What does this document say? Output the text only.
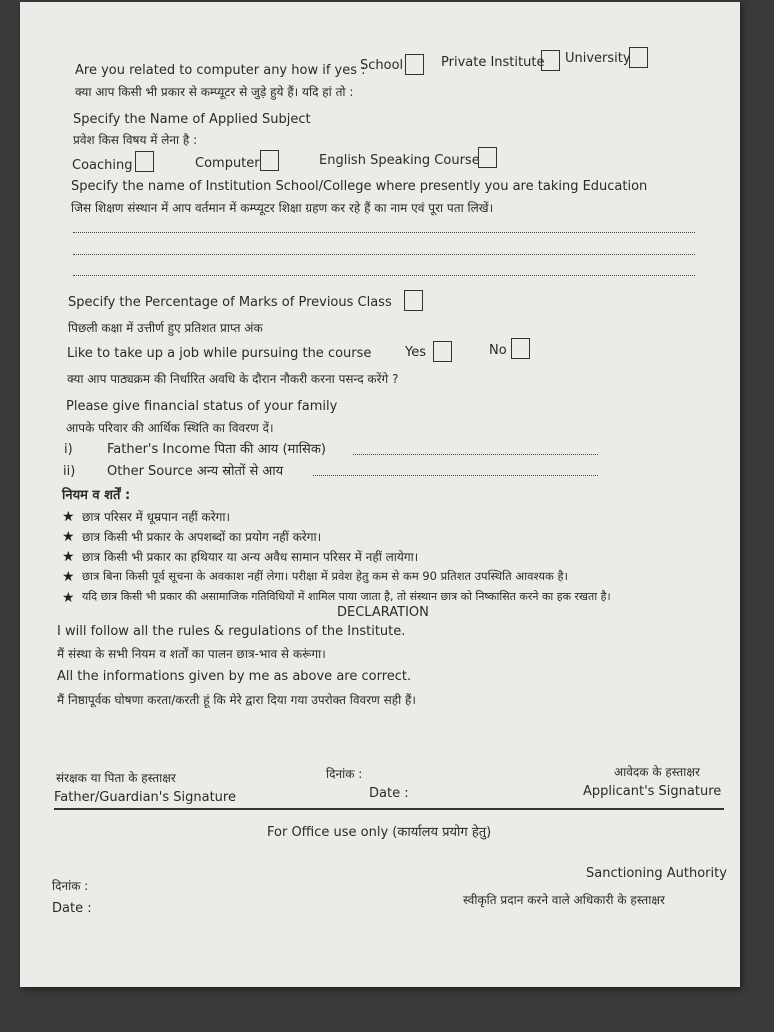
Are you related to computer any how if yes :
School	Private Institute University
क्या आप किसी भी प्रकार से कम्प्यूटर से जुड़े हुये हैं। यदि हां तो :
Specify the Name of Applied Subject
प्रवेश किस विषय में लेना है :
Coaching	Computer	English Speaking Course
Specify the name of Institution School/College where presently you are taking Education
जिस शिक्षण संस्थान में आप वर्तमान में कम्प्यूटर शिक्षा ग्रहण कर रहे हैं का नाम एवं पूरा पता लिखें।
Specify the Percentage of Marks of Previous Class
पिछली कक्षा में उत्तीर्ण हुए प्रतिशत प्राप्त अंक
Like to take up a job while pursuing the course	Yes	No
क्या आप पाठ्यक्रम की निर्धारित अवधि के दौरान नौकरी करना पसन्द करेंगे ?
Please give financial status of your family
आपके परिवार की आर्थिक स्थिति का विवरण दें।
i)	Father's Income पिता की आय (मासिक)
ii) Other Source अन्य स्रोतों से आय
नियम व शर्तें :
★ छात्र परिसर में धूम्रपान नहीं करेगा।
★ छात्र किसी भी प्रकार के अपशब्दों का प्रयोग नहीं करेगा।
★ छात्र किसी भी प्रकार का हथियार या अन्य अवैध सामान परिसर में नहीं लायेगा।
★ छात्र बिना किसी पूर्व सूचना के अवकाश नहीं लेगा। परीक्षा में प्रवेश हेतु कम से कम 90 प्रतिशत उपस्थिति आवश्यक है।
★ यदि छात्र किसी भी प्रकार की असामाजिक गतिविधियों में शामिल पाया जाता है, तो संस्थान छात्र को निष्कासित करने का हक रखता है।
DECLARATION
I will follow all the rules & regulations of the Institute.
मैं संस्था के सभी नियम व शर्तों का पालन छात्र-भाव से करूंगा।
All the informations given by me as above are correct.
मैं निष्ठापूर्वक घोषणा करता/करती हूं कि मेरे द्वारा दिया गया उपरोक्त विवरण सही हैं।
संरक्षक या पिता के हस्ताक्षर
Father/Guardian's Signature
दिनांक :
Date :
आवेदक के हस्ताक्षर
Applicant's Signature
For Office use only (कार्यालय प्रयोग हेतु)
दिनांक :
Date :
Sanctioning Authority
स्वीकृति प्रदान करने वाले अधिकारी के हस्ताक्षर
